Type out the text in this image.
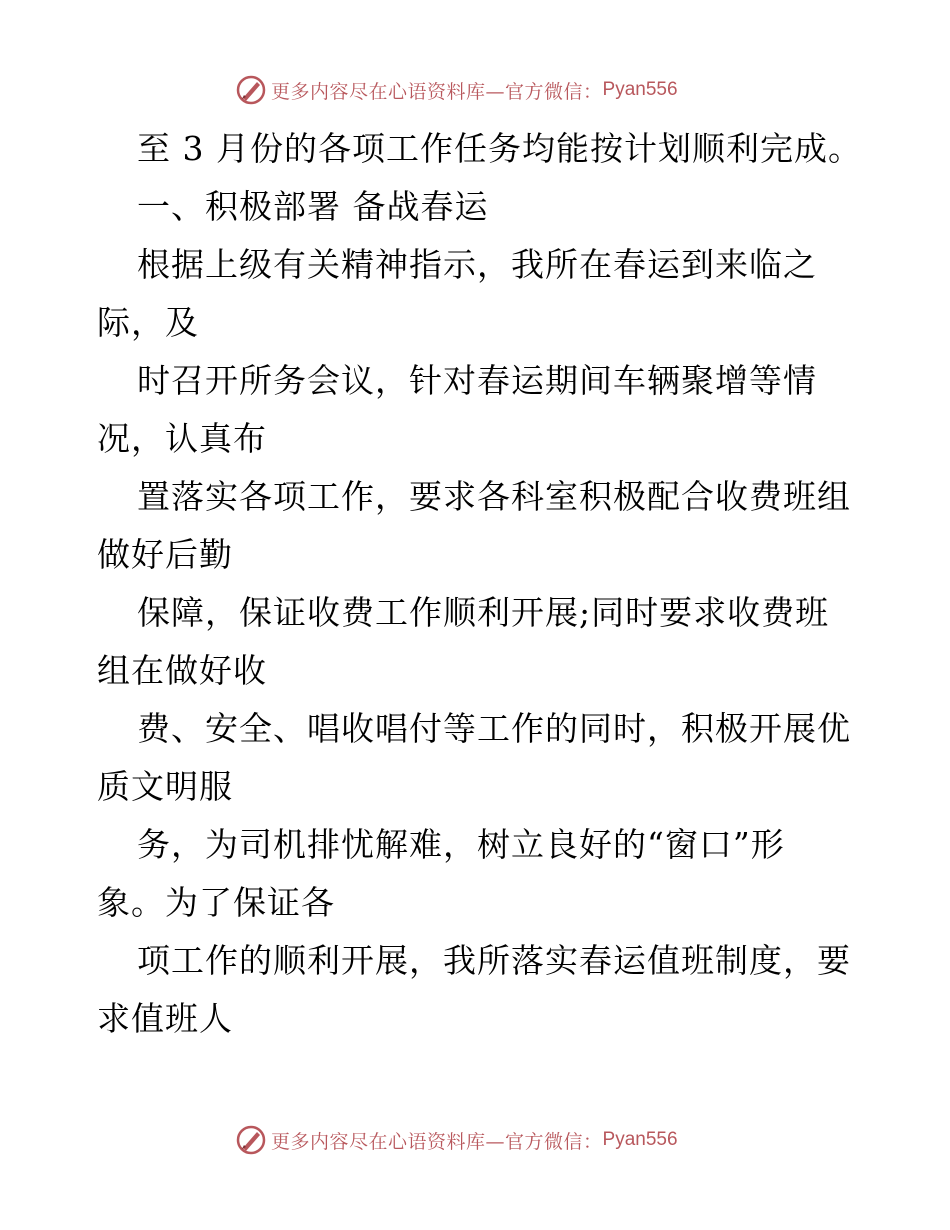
更多内容尽在心语资料库—官方微信： Pyan556
至 3 月份的各项工作任务均能按计划顺利完成。
一、积极部署 备战春运
根据上级有关精神指示，我所在春运到来临之
际，及
时召开所务会议，针对春运期间车辆聚增等情
况，认真布
置落实各项工作，要求各科室积极配合收费班组
做好后勤
保障，保证收费工作顺利开展;同时要求收费班
组在做好收
费、安全、唱收唱付等工作的同时，积极开展优
质文明服
务，为司机排忧解难，树立良好的“窗口”形
象。为了保证各
项工作的顺利开展，我所落实春运值班制度，要
求值班人
更多内容尽在心语资料库—官方微信： Pyan556
